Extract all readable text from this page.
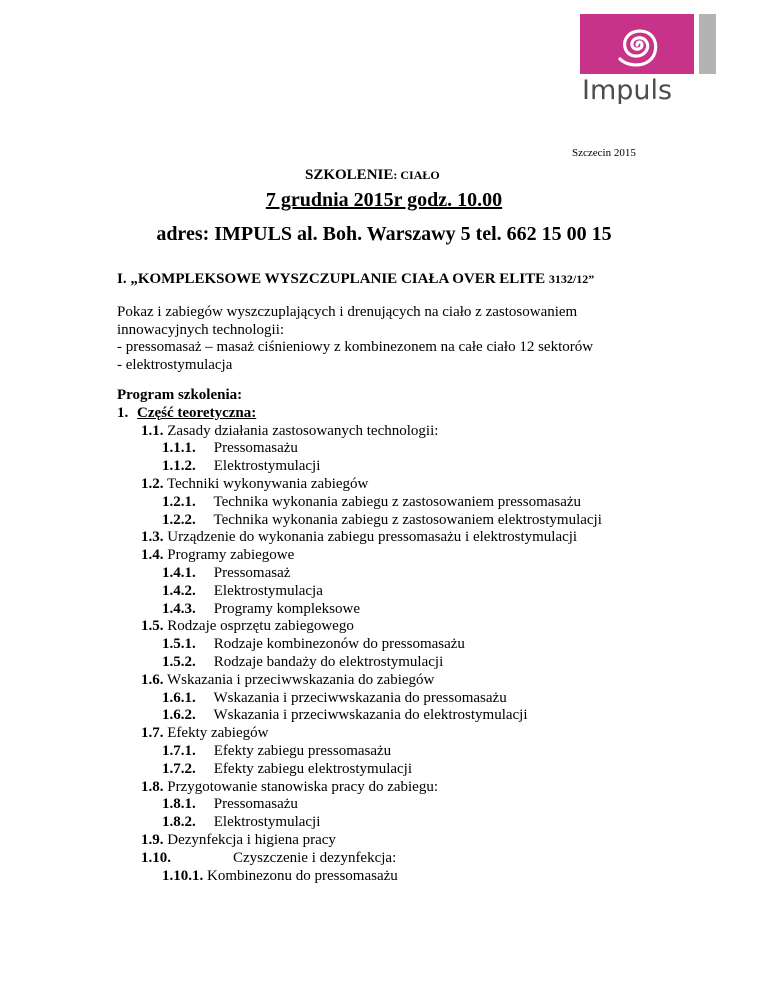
Impuls
Szczecin 2015
SZKOLENIE: CIAŁO
7 grudnia 2015r godz. 10.00
adres: IMPULS al. Boh. Warszawy 5 tel. 662 15 00 15
I. „KOMPLEKSOWE WYSZCZUPLANIE CIAŁA OVER ELITE 3132/12”
Pokaz i zabiegów wyszczuplających i drenujących na ciało z zastosowaniem
innowacyjnych technologii:
- pressomasaż – masaż ciśnieniowy z kombinezonem na całe ciało 12 sektorów
- elektrostymulacja
Program szkolenia:
1. Część teoretyczna:
1.1. Zasady działania zastosowanych technologii:
1.1.1. Pressomasażu
1.1.2. Elektrostymulacji
1.2. Techniki wykonywania zabiegów
1.2.1. Technika wykonania zabiegu z zastosowaniem pressomasażu
1.2.2. Technika wykonania zabiegu z zastosowaniem elektrostymulacji
1.3. Urządzenie do wykonania zabiegu pressomasażu i elektrostymulacji
1.4. Programy zabiegowe
1.4.1. Pressomasaż
1.4.2. Elektrostymulacja
1.4.3. Programy kompleksowe
1.5. Rodzaje osprzętu zabiegowego
1.5.1. Rodzaje kombinezonów do pressomasażu
1.5.2. Rodzaje bandaży do elektrostymulacji
1.6. Wskazania i przeciwwskazania do zabiegów
1.6.1. Wskazania i przeciwwskazania do pressomasażu
1.6.2. Wskazania i przeciwwskazania do elektrostymulacji
1.7. Efekty zabiegów
1.7.1. Efekty zabiegu pressomasażu
1.7.2. Efekty zabiegu elektrostymulacji
1.8. Przygotowanie stanowiska pracy do zabiegu:
1.8.1. Pressomasażu
1.8.2. Elektrostymulacji
1.9. Dezynfekcja i higiena pracy
1.10.	Czyszczenie i dezynfekcja:
1.10.1. Kombinezonu do pressomasażu
